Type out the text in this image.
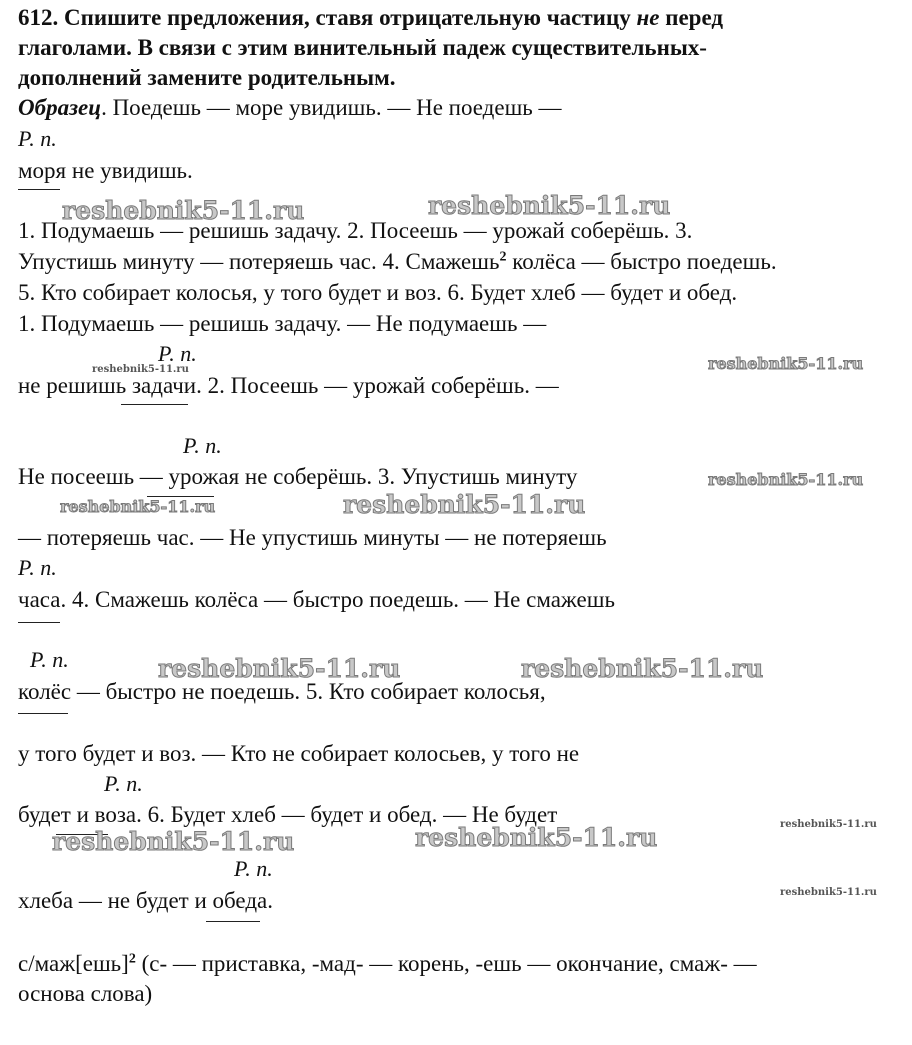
612. Спишите предложения, ставя отрицательную частицу не перед
глаголами. В связи с этим винительный падеж существительных-
дополнений замените родительным.
Образец. Поедешь — море увидишь. — Не поедешь —
Р. п.
моря не увидишь.
reshebnik5-11.ru	reshebnik5-11.ru
1. Подумаешь — решишь задачу. 2. Посеешь — урожай соберёшь. 3.
Упустишь минуту — потеряешь час. 4. Смажешь$^2$ колёса — быстро поедешь.
5. Кто собирает колосья, у того будет и воз. 6. Будет хлеб — будет и обед.
1. Подумаешь — решишь задачу. — Не подумаешь —
Р. п.
reshebnik5-11.ru	reshebnik5-11.ru
не решишь задачи. 2. Посеешь — урожай соберёшь. —
Р. п.
Не посеешь — урожая не соберёшь. 3. Упустишь минуту	reshebnik5-11.ru
reshebnik5-11.ru	reshebnik5-11.ru
— потеряешь час. — Не упустишь минуты — не потеряешь
Р. п.
часа. 4. Смажешь колёса — быстро поедешь. — Не смажешь
Р. п.	reshebnik5-11.ru	reshebnik5-11.ru
колёс — быстро не поедешь. 5. Кто собирает колосья,
у того будет и воз. — Кто не собирает колосьев, у того не
Р. п.
будет и воза. 6. Будет хлеб — будет и обед. — Не будет	reshebnik5-11.ru
reshebnik5-11.ru	reshebnik5-11.ru
Р. п.
хлеба — не будет и обеда.	reshebnik5-11.ru
с/маж[ешь]$^2$ (с- — приставка, -мад- — корень, -ешь — окончание, смаж- —
основа слова)
